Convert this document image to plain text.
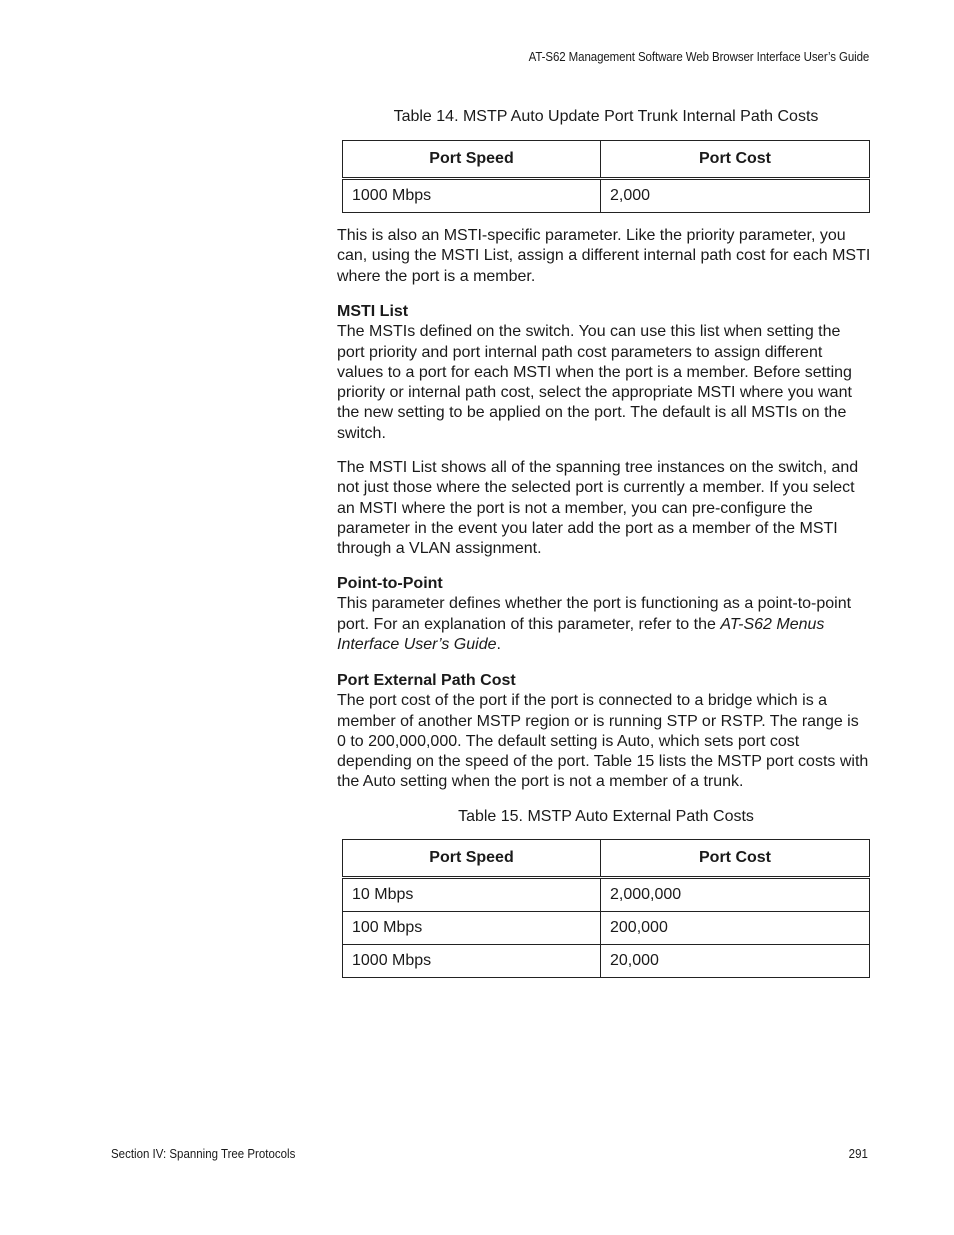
AT-S62 Management Software Web Browser Interface User’s Guide
Table 14. MSTP Auto Update Port Trunk Internal Path Costs
Port Speed	Port Cost
1000 Mbps	2,000

This is also an MSTI-specific parameter. Like the priority parameter, you can, using the MSTI List, assign a different internal path cost for each MSTI where the port is a member.

MSTI List

The MSTIs defined on the switch. You can use this list when setting the port priority and port internal path cost parameters to assign different values to a port for each MSTI when the port is a member. Before setting priority or internal path cost, select the appropriate MSTI where you want the new setting to be applied on the port. The default is all MSTIs on the switch.

The MSTI List shows all of the spanning tree instances on the switch, and not just those where the selected port is currently a member. If you select an MSTI where the port is not a member, you can pre-configure the parameter in the event you later add the port as a member of the MSTI through a VLAN assignment.

Point-to-Point

This parameter defines whether the port is functioning as a point-to-point port. For an explanation of this parameter, refer to the AT-S62 Menus Interface User’s Guide.

Port External Path Cost

The port cost of the port if the port is connected to a bridge which is a member of another MSTP region or is running STP or RSTP. The range is 0 to 200,000,000. The default setting is Auto, which sets port cost depending on the speed of the port. Table 15 lists the MSTP port costs with the Auto setting when the port is not a member of a trunk.

Table 15. MSTP Auto External Path Costs
Port Speed	Port Cost
10 Mbps	2,000,000
100 Mbps	200,000
1000 Mbps	20,000
Section IV: Spanning Tree Protocols	291
